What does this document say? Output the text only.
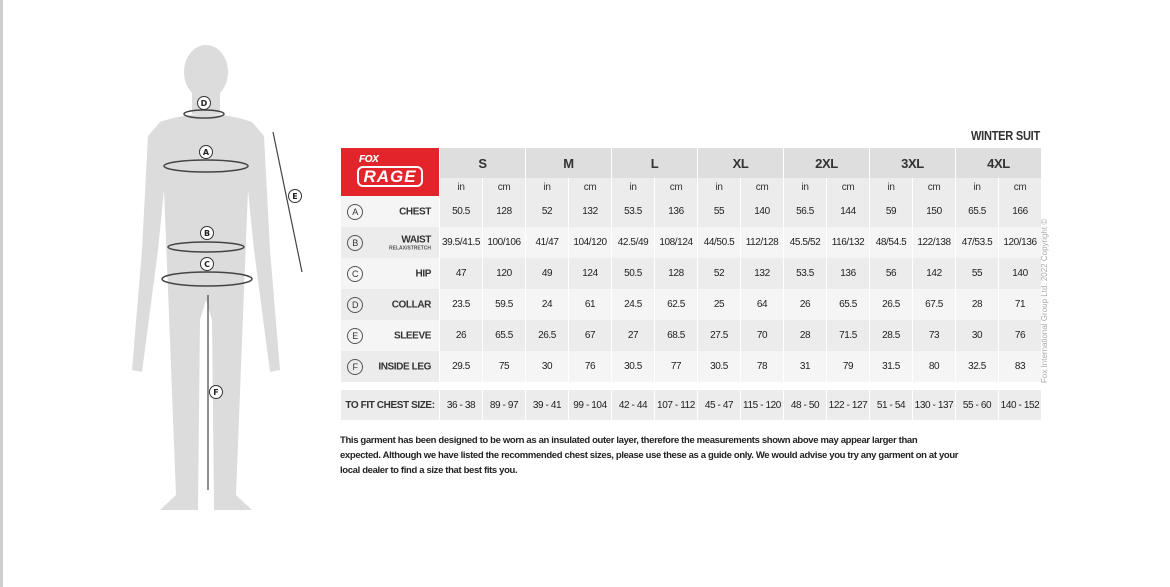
D
A
B
C
E
F
WINTER SUIT
FOX
RAGE	S		M		L		XL		2XL		3XL		4XL	
	in	cm	in	cm	in	cm	in	cm	in	cm	in	cm	in	cm

A CHEST	50.5	128	52	132	53.5	136	55	140	56.5	144	59	150	65.5	166

B WAIST
RELAX/STRETCH	39.5/41.5	100/106	41/47	104/120	42.5/49	108/124	44/50.5	112/128	45.5/52	116/132	48/54.5	122/138	47/53.5	120/136

C HIP	47	120	49	124	50.5	128	52	132	53.5	136	56	142	55	140

D COLLAR	23.5	59.5	24	61	24.5	62.5	25	64	26	65.5	26.5	67.5	28	71

E SLEEVE	26	65.5	26.5	67	27	68.5	27.5	70	28	71.5	28.5	73	30	76

F INSIDE LEG	29.5	75	30	76	30.5	77	30.5	78	31	79	31.5	80	32.5	83

TO FIT CHEST SIZE:	36 - 38	89 - 97	39 - 41	99 - 104	42 - 44	107 - 112	45 - 47	115 - 120	48 - 50	122 - 127	51 - 54	130 - 137	55 - 60	140 - 152
This garment has been designed to be worn as an insulated outer layer, therefore the measurements shown above may appear larger than expected. Although we have listed the recommended chest sizes, please use these as a guide only. We would advise you try any garment on at your local dealer to find a size that best fits you.
Fox International Group Ltd. 2022 Copyright ©
